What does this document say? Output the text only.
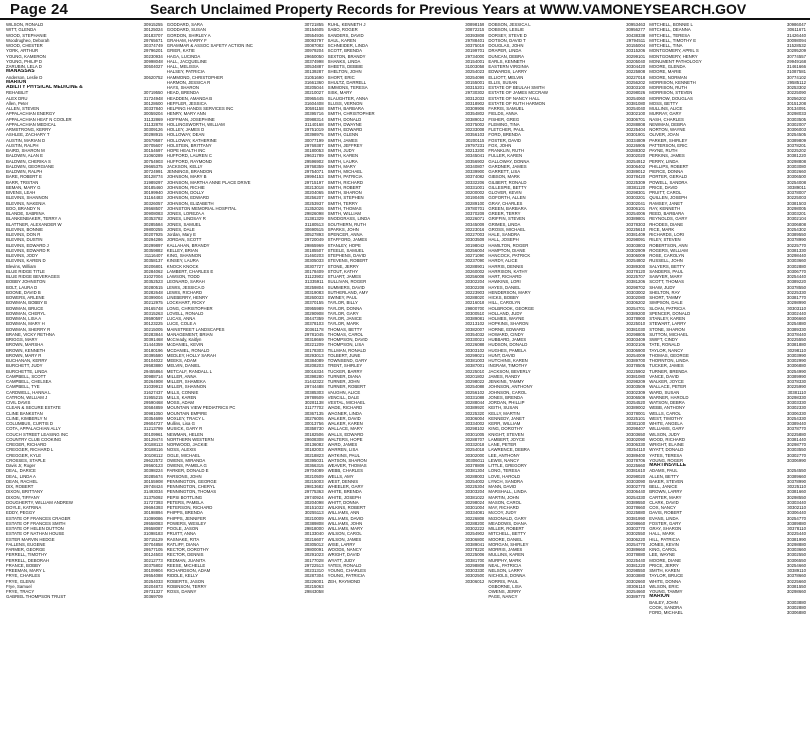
Page 24	Search Unclaimed Property Records for Previous Years at WWW.VAMONEYSEARCH.GOV
WILSON, RONALD	30915255
WITT, GLENDA	30125024
WOOD, STEPHANIE	30183707
Woodrugheo, Deborah	29765671
WOOD, CHESTER	30374749
YORK, ARTHUR	29796201
YOUNG, KAMERON	30230934
YOUNG, PHILIP D	30998048
ZARUBIN, LELA D	30504027
MANASSAS
Anderson, Leslie D	30620752
MARION
ABILITY PHYSICAL MEDICINE &
REHABILIT	30719550
ALEX DRU	31724948
Allen, Peter	30128600
ALLEN, STEVEN	30337840
APPALACHIAN ENERGY	30059204
APPALACHIAN HEAT N COOLER	31132869
APPALACHIAN MEDICAL	31132878
ARMSTRONG, KERRY	30309126
ASHLEE, ZACHARY T	30298915
AUSTIN, MARIAN D	30579587
AUSTIN, RALPH	30705607
BAIRD, SHARON M	30154697
BALDWIN, ALAN E	31060289
BALDWIN, CHERIKA S	30754903
BALDWIN, GEORGIANE	29665375
BALDWIN, RALPH	30724991
BARE, ROBERT E	30128774
BARR, TRISTAN	31989297
BEMAN, MARY G	30185460
BIVENS, LEAH	30199940
BLEVINS, SHANNON	31164483
BLEVINS, NAKENIA	30326057
BOO, BRANDY N	29568507
BLANDE, SABRINA	30908083
BLANKENBAKER, TERRY A	30353782
BLATTNER, ALEXANDER W	30285584
BLEVINS, BONNIE	29800255
BLEVINS, DON R	30207925
BLEVINS, DUSTIN	30294286
BLEVINS, EDWARD J	30299897
BLEVINS, EDWARD R	30359882
BLEVINS, JODY	31116407
BLEVINS, KAREN D	30358137
Blevins, William	30206801
BLUE RIDGE TITLE	30284062
BLUE RIDGE BEVERAGES	31027004
BOBBY JOHNSTON	30352523
BOLT, LAURA D	30280515
BOONE, DAVID B	30282648
BOWERS, ARLENE	30399004
BOWMAN, BOBBY B	30212975
BOWMAN, BRUCE	29165748
BOWMAN, CHERYL	30315263
BOWMAN, LISA A	29590597
BOWMAN, MARY H	30123225
BOWMAN, SHERRY R	30215005
BRANE, VICKY RETHNA	30283844
BRIGGS, MARY	30391468
BROWN, MARSHA	31444359
BROWN, KENNETH	30180196
BROWN, MARY R	30395580
BUCHANAN, KERRY	30104022
BURCHETT, JUDY	29583880
BURCHETTE, LINDA	29455864
CAMPBELL, SCOTT	30988714
CAMPBELL, CHELSEA	30264908
CAMPBELL, TYE	31039913
CARDWELL, HANNA L	31627437
CATRON, WILLIAM J	31955215
CIVIL DAVIS	29590468
CLEAN & SECURE ESTATE	30584859
CLINE BANKSTAN	30981050
CLINE, KIMBERLY N	30354699
COLUMBUS, CURTIS D	29604727
COTA, APPALACHIAN ALLY	31213799
COUCH STREET LEASING INC	30109961
COUNTRY CLUB COOKING	30129474
CREGER, RICHARD	30188113
CREGGER, RICHARD L	30188116
CREGGER, KYLE	30108112
CROSSES, STAPLE	29622572
Davis Jr, Roger	29560123
DEAL, DARICE	30398224
DEAL, LINDA A	30285674
DEAN, RACHEL	30155908
DIX, ROBERT	29748424
DIXON, BRITTANY	31493034
DIXON, TIFFANY	31375092
DOUGHERTY, WILLIAM ANDREW	31727393
DOYLE, KATRINA	29694393
EDDY, PEGGY	30198894
ESTATE OF FRANCES CRAGER	31099086
ESTATE OF FRANCES SMITH	29558083
ESTATE OF HELEN DUTTON	29558087
ESTATE OF NATHAN HOUSE	31098183
ESTER MARVIN HEDGE	30715129
FALLENS, EUGENE	30704858
FARMER, GEORGE	29577105
FERRELL, TIMOTHY	30124503
FERRELL, DEBORAH	30212773
FRANCE, BOBBY	30375802
FREEMAN, MARY L	30109904
FRYE, CHARLES	29554088
FRYE, GLENN	30254033
Frye, Samuel	30204873
FRYE, TRACY	29731327
GABRIEL THOMPSON TRUST	30369709
GODDARD, SARA	30721855
GODDARD, SUSAN	30154605
GORDON, SHIRLEY A	30554936
GRAHAM, HARRY F	30093797
GRAMMAR & ASSOC SAFETY ACTION INC	30087082
GRIER, KATIE	30979204
HAGA, LUCINDA	29650050
HALL, JACQUELINE	30374998
HALL, MELISSA	30534887
HALSEY, PATRICIA	30139287
HAMMOND, CHRISTOPHER	31051690
HARMON, JESSICA R	31661360
HAYS, SHARON	30205044
HEAD, BRENDA	30210027
HEADDEN, AMANDA B	30965445
HEFFLER, JESSICA	31604408
HELPING HANDS SERVICES INC	30591158
HENRY, MARY ANN	30395716
HOFFMAN, JOSEPHINE	30988314
HOLLINGSWORTH, WILLIAM	31140168
HOLLEY, JAMES D	29751019
HOLLOWAY, DEAN	30398975
HOLLOWAY, KATHERINE	30077199
HOLSTEIN, BRITTANY	29769387
HOPE HEALTH INC	30180053
HUFFORD, LAUREN C	29631789
HUFFORD, RAYMOND	29596902
JACKSON, KELLY	29768359
JENNINGS, BRANDON	29754071
JOHNSON, MARY B	29994153
JOHNSON, MARTHA ANNE PLACE DRIVE	29715197
JOHNSON, RICHIE	30213018
JOHNSON, DOLLY	30204065
JOHNSON, EDWARD	30256207
JOHNSON, ELIZABETH	30253937
JOHNSTON MEMORIAL HOSPITAL	31352026
JONES, LOREZA A	29826098
JONES, LINDSAY R	31381329
JONES, SAMUEL	31180513
JONES, DALE	30690515
Jordan, Mary E	30527893
JORDAN, SCOTT	29720049
KALLAHAN, BRANDY	29865969
KELLEY, BRIAN	30185507
KING, SHANNON	31460203
KINSEY, LAURA	30305033
KNOCK KNOCK	30307727
LAMBERT, CHARLES E	30178409
LAWSON, TODD	31123902
LEONARD, SARAH	31335911
LEWIS, JESSICA D	30259804
LEWIS, RICHARD	30319083
LINEBERRY, HENRY	30260033
LOCKHART, RICKY	30370155
LONG, CHRISTOPHER	30955989
LOVELL, RONALD	30290908
LUCAS, ANNA	30447359
LUCE, COLE A	30378103
MAINSTREET LANDSCAPES	30361178
MANAGEMENT, BRIAN	29781045
McCready, Kaitlyn	30318669
McDANIEL, KEVIN	30221209
MCDANIEL, RONALD	30178303
MEDLEY, HOLLY SARAH	30293013
MEEKS, ADAM	30384089
MELVIN, DANIEL	30208203
METCALF, RANDALL L	30016334
MILLER, ANNA	30398280
MILLER, SHAMEKA	31442322
MILLER, SHANNON	29744488
MILLS, CONNIE	30385303
MILLS, KAREN	29789509
MOSS, ADAM	30281138
MOUNTAIN VIEW PEDIATRICS PC	31177702
MOUNTAIN EMPIRE	30367135
MOXLEY, TRACY L	30276006
Mullins, Lisa G	30013756
MUSICK, GARY R	30358730
NEWMAN, HELEN	30182506
NORTHERN WESTERN	29608308
NORWOOD, JACKIE	30136082
NOSS, ALEXIS	30182003
OGLE, MICHAEL	30218823
OWENS, MIRANDA	30395031
OWENS, PAMELA G	30366315
PARKER, DONALD E	29704089
PARSONS, JOHN	30210509
PENNINGTON, GEORGE	30215003
PENNINGTON, CHERYL	29813682
PENNINGTON, THOMAS	29775363
PEPSI BOTTLING	29740924
PETERS, PAMELA	30204098
PETERSON, RICHARD	30151032
PHIPPS, BRENDA	30255113
PHIPPS, JENNIFER	30210009
POWERS, WESLEY	30389808
POOLE, JASON	29818000
PRUITT, ANNA	30133040
RASNAKE, RITA	30216607
RATLIFF, DIANA	30305012
RECTOR, DOROTHY	29800091
RECTOR, DENNIS	30291023
REDMAN, JUANITA	30177028
REESE, MICHELLE	29722513
RICHARDSON, ADAM	30231310
RIDDLE, KELLY	30287304
ROBERTS, JASON	30226001
ROBINSON, TERRY	30215063
ROSS, DANNY	29843058
RUHL, KENNETH J	30898159
SABO, ROGER	30872215
SANDERS, DAVID	30393808
SAUL, KAREN	29788401
SCHNEIDER, LINDA	30375019
SCOTT, BRENDA	30199701
SEXTON, BRANDY	29734000
SHANKS, LINDA	30154001
SHEETS, DEBBIE	31003058
SHELTON, JOHN	30254023
SHORT, ERIC	30254099
SHULTZ, DARRELL	30155001
SIMMONS, TERESA	30315201
SISK, MARY	29730302
SLAUGHTER, ANNA	30312033
SLUSS, VERNON	30318902
SMITH, BARBARA	30309906
SMITH, CHRISTOPHER	30354802
SMITH, DONALD	30389012
SMITH, DWAYNE	30375002
SMITH, EDWARD	30233008
SMITH, GLENN	30356103
SMITH, JAMES	30200115
SMITH, JEFFREY	29797231
SMITH, JUDY	30213200
SMITH, KAREN	30345041
SMITH, LAURA	30356902
SMITH, MARY	30340807
SMITH, MICHAEL	30339900
SMITH, PATRICIA	30374082
SMITH, RICHARD	30332206
SMITH, ROBERT	30331001
SMITH, SHARON	30200002
SMITH, STEPHEN	30190405
SMITH, TERRY	30289100
SMITH, THOMAS	29780701
SMITH, WILLIAM	30370209
SNODGRASS, LINDA	30226071
SOUTHERN, RUTH	30345009
SPARKS, JOHN	30223016
SPENCER, ANNA	30227003
STAFFORD, JAMES	30303509
STANLEY, HOPE	30198042
STEELE, SAMUEL	30256004
STEPHENS, DAVID	30271090
STEVENS, ROBERT	30237090
STONE, JERRY	30288901
STOUT, KATHY	30260002
STUART, JAMES	30256008
SULLIVAN, ROGER	30302204
SUMMERS, DAVID	30302208
SUTHERLAND, AMY	30223903
SWINEY, PAUL	30288020
TAYLOR, BILLY	30216018
TAYLOR, DONNA	29800700
TAYLOR, GARY	30300510
TAYLOR, JANICE	30389081
TAYLOR, MARK	30213102
THOMAS, BETTY	30382007
THOMAS, CAROL	30354032
THOMPSON, DAVID	30330021
THOMPSON, LISA	30226088
TILLMAN, RONALD	30303102
TOLBERT, JUNE	30299021
TOWNSEND, GARY	30381003
TRENT, SHIRLEY	30387001
TUCKER, BARRY	30225010
TURNER, DIANA	30201802
TURNER, JOHN	30298022
TURNER, ROBERT	30254088
VAUGHN, ALICE	30256102
VENCILL, DALE	30331088
VESTAL, MICHAEL	30288044
WADE, RICHARD	30389920
WAGNER, LINDA	30225320
WALKER, DAVID	30306004
WALKER, KAREN	30334002
WALLACE, MARY	30298102
WALLS, EDWARD	30301005
WALTERS, HOPE	30288707
WARD, JAMES	30332018
WARREN, LISA	30254018
WATKINS, PAUL	30302000
WATSON, SHARON	30306011
WEAVER, THOMAS	30378809
WEBB, CHARLES	30381304
WELLS, AMY	30288003
WEST, DENNIS	30254002
WHEELER, GARY	30225304
WHITE, BRENDA	30303204
WHITE, JOSEPH	30381022
WHITT, DONNA	30298024
WILKINS, ROBERT	30301004
WILLIAMS, ANN	30334081
WILLIAMS, DAVID	30226808
WILLIAMS, JOHN	30288200
WILLIAMS, MARY	30302222
WILSON, CAROL	30254902
WILSON, JAMES	30306800
WISE, LARRY	30389041
WOODS, NANCY	30378220
WRIGHT, DAVID	30225006
WYATT, JUDY	30381700
YATES, RONALD	30298808
YOUNG, CHARLES	30303330
YOUNG, PATRICIA	30302500
ZEH, RAYMOND	30306012
DOBSON, JESSICA L	30953463
DOBSON, LESLIE	30956277
DORSEY, STEVE D	30438338
DOTSON, DAVID T	29794511
DOUGLAS, JOHN	30155004
DRAPER, LINDA	30315206
DUNCAN, DEBRA	30299101
EARLS, KENNETH	30205040
EASTERN VIRGINIA	30304420
EDWARDS, LARRY	30225808
ELLIOTT, MELVIN	30227018
ELLIS, SUSAN	30256202
ESTATE OF BEULAH SMITH	30303100
ESTATE OF JAMES MCCRAW	30298026
ESTATE OF NANCY HALL	30254060
ESTATE OF RUTH HARMON	30381080
FARRIS, SAMUEL	30254040
FIELDS, ANNA	30302100
FISHER, GREG	30306701
FLEMING, TINA	30288808
FLETCHER, PAUL	30225404
FORD, BRENDA	30301901
FOSTER, DAVID	30334809
FOX, JOHN	30226905
FRANKLIN, RUTH	30288302
FULLER, KAREN	30302020
GALLOWAY, DONNA	30254912
GARDNER, JAMES	30306402
GARRETT, LISA	30389012
GIBSON, MARK	30378420
GILBERT, RONALD	30225309
GILLESPIE, BETTY	30381120
GLOVER, KEVIN	30298301
GOFORTH, ALLEN	30303201
GRAY, CHARLES	30302041
GREEN, BARBARA	30306101
GREER, TERRY	30254006
GRIFFIN, STEVEN	30389801
GRIMES, LINDA	30378303
GROSS, MICHAEL	30225610
HALE, SANDRA	30381409
HALL, JOSEPH	30298091
HAMILTON, ROGER	30303803
HAMPTON, DIANE	30302909
HANCOCK, PATRICK	30306009
HARDY, ALICE	30254802
HARRIS, DENNIS	30389300
HARRISON, KATHY	30378120
HART, RICHARD	30225707
HAWKINS, LORI	30381206
HAYES, DANIEL	30298702
HENDERSON, MARY	30303002
HICKS, BOBBY	30302080
HILL, CAROLYN	30306202
HOLBROOK, GEORGE	30254701
HOLLAND, JUDY	30389200
HOLMES, WAYNE	30378900
HOPKINS, SHARON	30225010
HORNE, EDWARD	30381030
HOWARD, CINDY	30298805
HUBBARD, JAMES	30303409
HUDSON, DONALD	30302106
HUGHES, PAMELA	30306900
HUNT, DAVID	30254009
HUTCHINS, KAREN	30389700
INGRAM, TIMOTHY	30378505
JACKSON, BEVERLY	30225902
JAMES, RANDY	30381080
JENKINS, TAMMY	30298209
JOHNSON, ANTHONY	30303509
JOHNSON, CAROL	30302309
JONES, BRENDA	30306509
JORDAN, PHILLIP	30254520
KEITH, SUSAN	30389002
KELLY, MARTIN	30378001
KENNEDY, JANET	30225101
KERR, WILLIAM	30381100
KING, DOROTHY	30298407
KNIGHT, STEVEN	30303650
LAMBERT, JOYCE	30302090
LANE, PETER	30306330
LAWRENCE, DEBRA	30254110
LEE, ANTHONY	30389400
LEWIS, NANCY	30378706
LITTLE, GREGORY	30225660
LONG, TERESA	30381610
LOVE, HAROLD	30298020
LYNCH, SANDRA	30303090
MANN, DAVID	30302770
MARSHALL, LINDA	30306440
MARTIN, JOHN	30254330
MASON, CAROL	30389550
MAY, RICHARD	30378660
McCOY, JUDY	30225880
McDONALD, GARY	30381990
MEADOWS, DIANA	30298660
MILLER, ROBERT	30303770
MITCHELL, BETTY	30302550
MOORE, DANIEL	30306220
MORGAN, SHIRLEY	30254770
MORRIS, JAMES	30389660
MULLINS, KAREN	30378880
MURPHY, MARK	30225440
NEAL, PATRICIA	30381220
NELSON, LARRY	30298550
NICHOLS, DONNA	30303880
NORRIS, PAUL	30302660
OSBORNE, LISA	30306110
OWENS, JERRY	30254660
PAGE, NANCY	30389770
MITCHELL, BONNIE L	30986047
MITCHELL, DEANNA	30611671
MITCHELL, TERESA	31426440
MITCHELL, TIMOTHY E	30098094
MITCHELL, TINA	31528532
MONTGOMERY, APRIL S	30295209
MONTGOMERY, HENRY	30774557
MONUMENT PATHOLOGY	29949168
MOORE, GLENDA	31461666
MOORE, MARIE	31087581
MOORE, NORMAN	30774102
MORRISON, KENNETH	29585112
MORRISON, RUTH	30253302
MORRISON, STEVEN	30225090
MORROW, DOUGLAS	30256202
MOSS, BETTY	30151208
MULLINS, ALICE	30134091
MURRAY, GARY	30298033
NASH, CHARLES	30303505
NEWMAN, DEBRA	30302007
NORTON, WAYNE	30306003
OLIVER, JOAN	30254505
PARKER, SHIRLEY	30389809
PATTERSON, ERIC	30378201
PAYNE, RUTH	30225202
PERKINS, JAMES	30381220
PERRY, LINDA	30298808
PHILLIPS, ROBERT	30303080
PIERCE, DONNA	30302660
PORTER, GERALD	30306500
POWELL, SANDRA	30254008
PRICE, DAVID	30389011
PRUITT, CAROL	30378007
QUILLEN, JOSEPH	30225003
RAMSEY, JANET	30381503
RAY, KENNETH	30298005
REED, BARBARA	30303201
REYNOLDS, GARY	30302104
RHODES, DIANE	30306808
RICE, MARK	30254302
RICHARDS, LORI	30389550
RILEY, STEVEN	30378990
ROBERTSON, ANN	30225770
ROGERS, WILLIAM	30381330
ROSE, CAROLYN	30298440
RUSSELL, JOHN	30303660
SALYERS, BETTY	30302880
SANDERS, PAUL	30306770
SAWYER, MARY	30254440
SCOTT, THOMAS	30389220
SHAW, JUDY	30378550
SHELTON, RAY	30225330
SHORT, TAMMY	30381770
SIMPSON, DALE	30298990
SLOAN, PATRICIA	30303110
SPENCER, DONALD	30302440
STANLEY, KAREN	30306660
STEWART, LARRY	30254880
STONE, SHARON	30389330
SUTTON, MICHAEL	30378440
SWIFT, CINDY	30225550
TATE, RONALD	30381880
TAYLOR, NANCY	30298110
THOMAS, GEORGE	30303990
THORNTON, LINDA	30302990
TUCKER, JAMES	30306880
TURNER, BRENDA	30254990
VANCE, DAVID	30389990
WALKER, JOYCE	30378330
WALLACE, PETER	30225990
WARD, SUSAN	30381110
WARNER, HAROLD	30298330
WATSON, DEBRA	30303330
WEBB, ANTHONY	30302330
WELLS, CAROL	30306330
WEST, TIMOTHY	30254330
WHITE, ANGELA	30389440
WILLIAMS, GARY	30378770
WILSON, JUDY	30225880
WOOD, RICHARD	30381440
WRIGHT, ELAINE	30298770
WYATT, DONALD	30303550
YATES, TERESA	30302770
YOUNG, ROGER	30306990
MARTINSVILLE
ADAMS, PAUL	30254550
ALLEN, BETTY	30389660
BAKER, STEVEN	30378990
BELL, JANICE	30225110
BROWN, LARRY	30381660
CARTER, MARY	30298550
CLARK, DAVID	30303440
COX, NANCY	30302110
DAVIS, ROBERT	30306440
EVANS, LINDA	30254770
FOSTER, GARY	30389880
GRAY, SHARON	30378110
HALL, MARK	30225440
HILL, PATRICIA	30381990
JONES, KEVIN	30298880
KING, CAROL	30303660
LEE, WAYNE	30302550
MOORE, DIANE	30306550
PRICE, JERRY	30254660
SMITH, KAREN	30389110
TAYLOR, BRUCE	30378660
WHITE, DONNA	30225660
WILSON, ERIC	30381550
YOUNG, TAMMY	30298660
MARION
BAILEY, JOHN	30303880
COOK, SANDRA	30302880
FORD, MICHAEL	30306880
